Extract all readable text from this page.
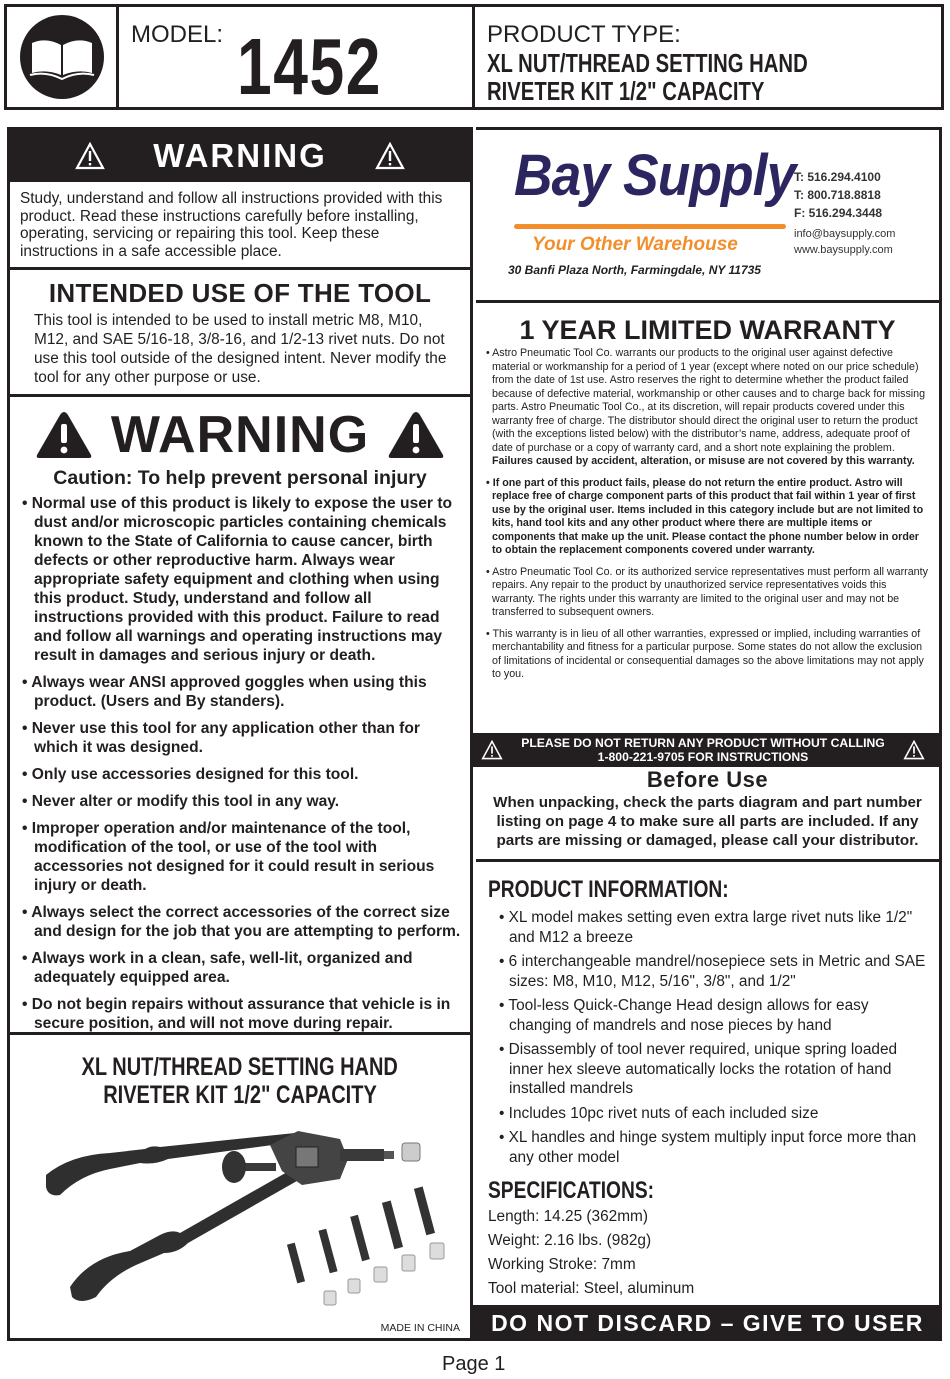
MODEL: 1452	PRODUCT TYPE:
XL NUT/THREAD SETTING HAND
RIVETER KIT 1/2" CAPACITY
WARNING
Study, understand and follow all instructions provided with this product. Read these instructions carefully before installing, operating, servicing or repairing this tool. Keep these instructions in a safe accessible place.
INTENDED USE OF THE TOOL

This tool is intended to be used to install metric M8, M10, M12, and SAE 5/16-18, 3/8-16, and 1/2-13 rivet nuts. Do not use this tool outside of the designed intent. Never modify the tool for any other purpose or use.

WARNING
Caution: To help prevent personal injury
• Normal use of this product is likely to expose the user to dust and/or microscopic particles containing chemicals known to the State of California to cause cancer, birth defects or other reproductive harm. Always wear appropriate safety equipment and clothing when using this product. Study, understand and follow all instructions provided with this product. Failure to read and follow all warnings and operating instructions may result in damages and serious injury or death.
• Always wear ANSI approved goggles when using this product. (Users and By standers).
• Never use this tool for any application other than for which it was designed.
• Only use accessories designed for this tool.
• Never alter or modify this tool in any way.
• Improper operation and/or maintenance of the tool, modification of the tool, or use of the tool with accessories not designed for it could result in serious injury or death.
• Always select the correct accessories of the correct size and design for the job that you are attempting to perform.
• Always work in a clean, safe, well-lit, organized and adequately equipped area.
• Do not begin repairs without assurance that vehicle is in secure position, and will not move during repair.
XL NUT/THREAD SETTING HAND
RIVETER KIT 1/2" CAPACITY
MADE IN CHINA
Bay Supply
Your Other Warehouse
30 Banfi Plaza North, Farmingdale, NY 11735
T: 516.294.4100
T: 800.718.8818
F: 516.294.3448
info@baysupply.com
www.baysupply.com
1 YEAR LIMITED WARRANTY

• Astro Pneumatic Tool Co. warrants our products to the original user against defective material or workmanship for a period of 1 year (except where noted on our price schedule) from the date of 1st use. Astro reserves the right to determine whether the product failed because of defective material, workmanship or other causes and to charge back for missing parts. Astro Pneumatic Tool Co., at its discretion, will repair products covered under this warranty free of charge. The distributor should direct the original user to return the product (with the exceptions listed below) with the distributor’s name, address, adequate proof of date of purchase or a copy of warranty card, and a short note explaining the problem. Failures caused by accident, alteration, or misuse are not covered by this warranty.

• If one part of this product fails, please do not return the entire product. Astro will replace free of charge component parts of this product that fail within 1 year of first use by the original user. Items included in this category include but are not limited to kits, hand tool kits and any other product where there are multiple items or components that make up the unit. Please contact the phone number below in order to obtain the replacement components covered under warranty.

• Astro Pneumatic Tool Co. or its authorized service representatives must perform all warranty repairs. Any repair to the product by unauthorized service representatives voids this warranty. The rights under this warranty are limited to the original user and may not be transferred to subsequent owners.

• This warranty is in lieu of all other warranties, expressed or implied, including warranties of merchantability and fitness for a particular purpose. Some states do not allow the exclusion of limitations of incidental or consequential damages so the above limitations may not apply to you.

PLEASE DO NOT RETURN ANY PRODUCT WITHOUT CALLING
1-800-221-9705 FOR INSTRUCTIONS
Before Use

When unpacking, check the parts diagram and part number listing on page 4 to make sure all parts are included. If any parts are missing or damaged, please call your distributor.

PRODUCT INFORMATION:
• XL model makes setting even extra large rivet nuts like 1/2" and M12 a breeze
• 6 interchangeable mandrel/nosepiece sets in Metric and SAE sizes: M8, M10, M12, 5/16", 3/8", and 1/2"
• Tool-less Quick-Change Head design allows for easy changing of mandrels and nose pieces by hand
• Disassembly of tool never required, unique spring loaded inner hex sleeve automatically locks the rotation of hand installed mandrels
• Includes 10pc rivet nuts of each included size
• XL handles and hinge system multiply input force more than any other model
SPECIFICATIONS:
Length: 14.25 (362mm)
Weight: 2.16 lbs. (982g)
Working Stroke: 7mm
Tool material: Steel, aluminum
DO NOT DISCARD – GIVE TO USER
Page 1
